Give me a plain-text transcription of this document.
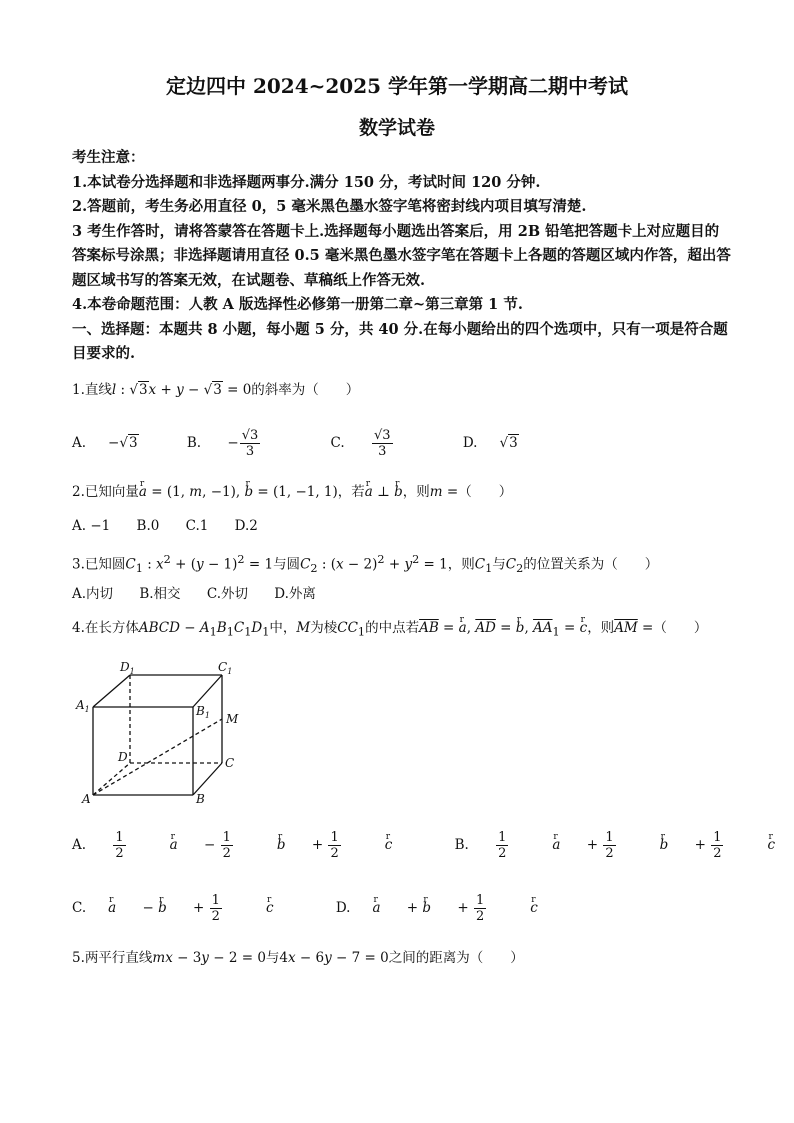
定边四中 2024~2025 学年第一学期高二期中考试
数学试卷

考生注意：

1.本试卷分选择题和非选择题两事分.满分 150 分，考试时间 120 分钟.

2.答题前，考生务必用直径 0，5 毫米黑色墨水签字笔将密封线内项目填写清楚.

3 考生作答时，请将答蒙答在答题卡上.选择题每小题选出答案后，用 2B 铅笔把答题卡上对应题目的答案标号涂黑；非选择题请用直径 0.5 毫米黑色墨水签字笔在答题卡上各题的答题区域内作答，超出答题区域书写的答案无效，在试题卷、草稿纸上作答无效.

4.本卷命题范围：人教 A 版选择性必修第一册第二章~第三章第 1 节.

一、选择题：本题共 8 小题，每小题 5 分，共 40 分.在每小题给出的四个选项中，只有一项是符合题目要求的.

1.直线l : √3x + y − √3 = 0的斜率为（　　）
A. −√3	B. − $\frac{√3}{3}$	C. $\frac{√3}{3}$	D. √3
2.已知向量r a = (1, m, −1), r b = (1, −1, 1)，若r a ⊥ r b，则m =（　　）
A. −1 B.0 C.1 D.2
3.已知圆$C_1$ : $x^2 + (y - 1)^2 = 1$与圆$C_2$ : $(x - 2)^2 + y^2 = 1$，则$C_1$与$C_2$的位置关系为（　　）
A.内切 B.相交 C.外切 D.外离
4.在长方体ABCD − $A_1B_1C_1D_1$中，M为棱$CC_1$的中点若$\overline{AB} = r$ a, $\overline{AD} = r$ b, $\overline{AA}_1 = r$ c，则$\overline{AM}$ =（　　）
$D_1$	$C_1$
$A_1$	$B_1$ M
D	C
A	B
A. $\frac{1}{2}$ r $a - \frac{1}{2}$ r $b + \frac{1}{2}$ r c	B. $\frac{1}{2}$ r $a + \frac{1}{2}$ r $b + \frac{1}{2}$ r c
C. r a − r $b + \frac{1}{2}$ r c	D. r a + r $b + \frac{1}{2}$ r c
5.两平行直线mx − 3y − 2 = 0与4x − 6y − 7 = 0之间的距离为（　　）
